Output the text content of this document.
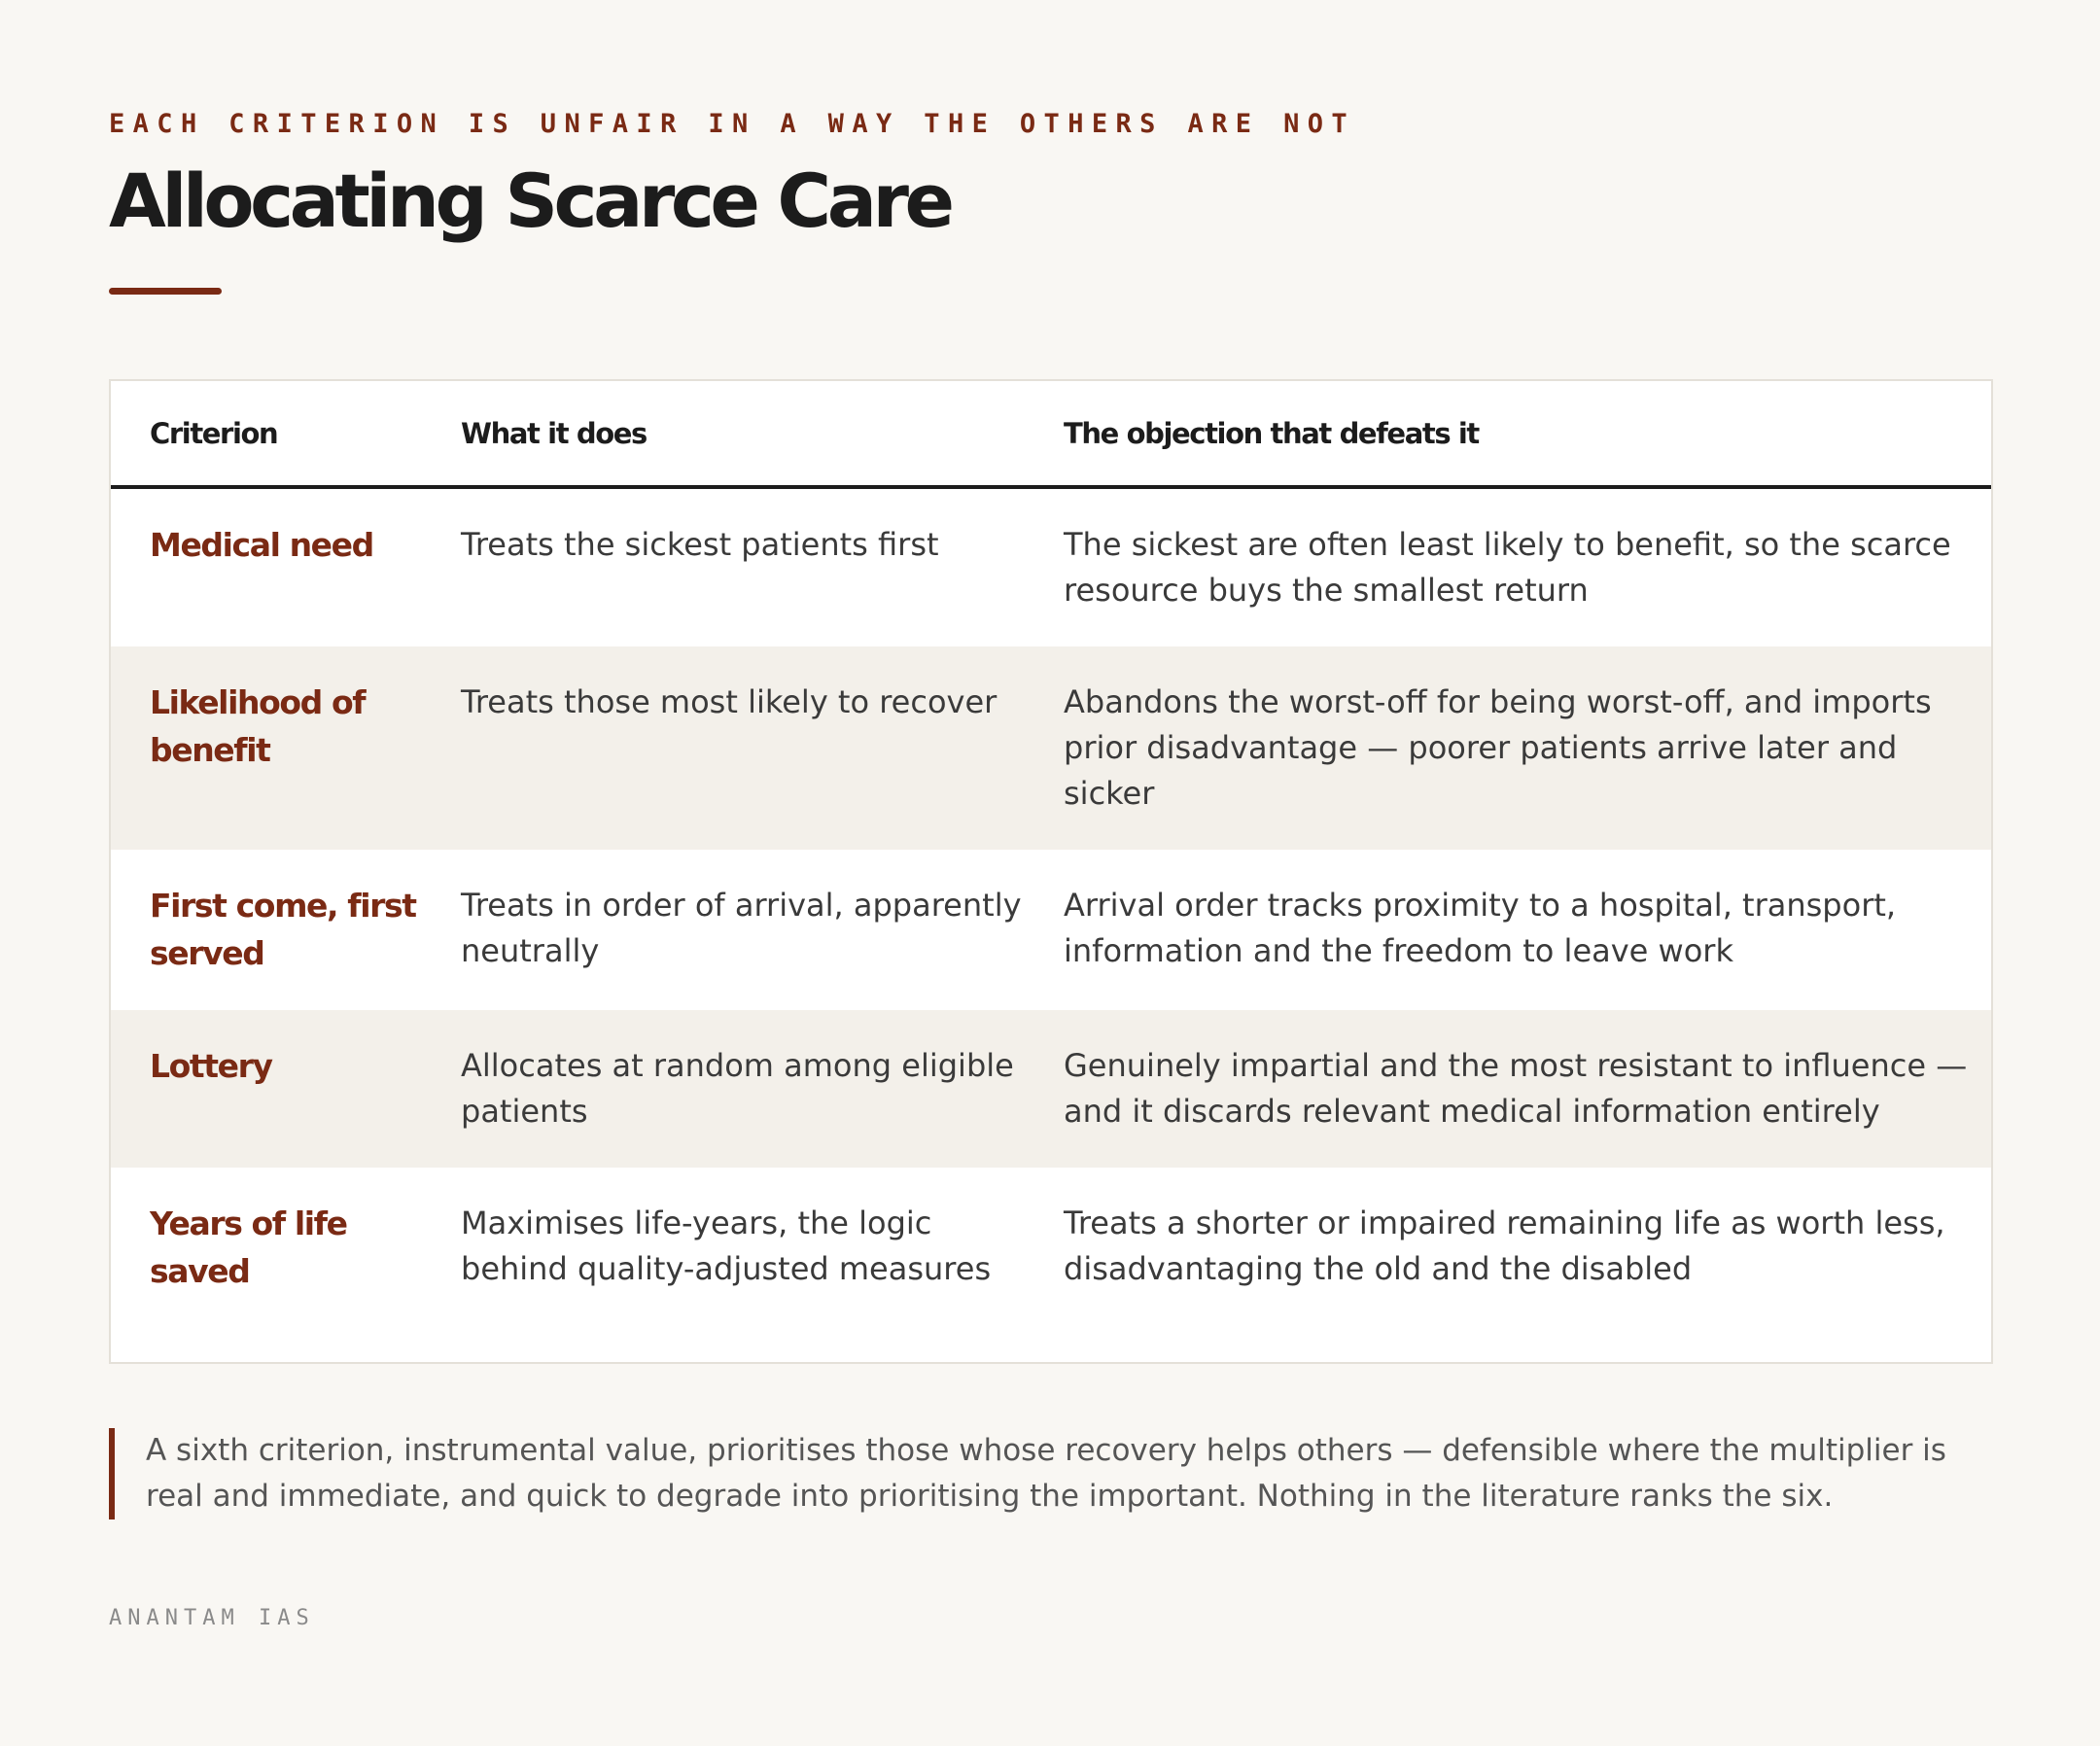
EACH CRITERION IS UNFAIR IN A WAY THE OTHERS ARE NOT

Allocating Scarce Care
Criterion	What it does	The objection that defeats it
Medical need	Treats the sickest patients first	The sickest are often least likely to benefit, so the scarce resource buys the smallest return
Likelihood of benefit	Treats those most likely to recover	Abandons the worst-off for being worst-off, and imports prior disadvantage — poorer patients arrive later and sicker
First come, first served	Treats in order of arrival, apparently neutrally	Arrival order tracks proximity to a hospital, transport, information and the freedom to leave work
Lottery	Allocates at random among eligible patients	Genuinely impartial and the most resistant to influence — and it discards relevant medical information entirely
Years of life saved	Maximises life-years, the logic behind quality-adjusted measures	Treats a shorter or impaired remaining life as worth less, disadvantaging the old and the disabled
A sixth criterion, instrumental value, prioritises those whose recovery helps others — defensible where the multiplier is real and immediate, and quick to degrade into prioritising the important. Nothing in the literature ranks the six.
ANANTAM IAS
